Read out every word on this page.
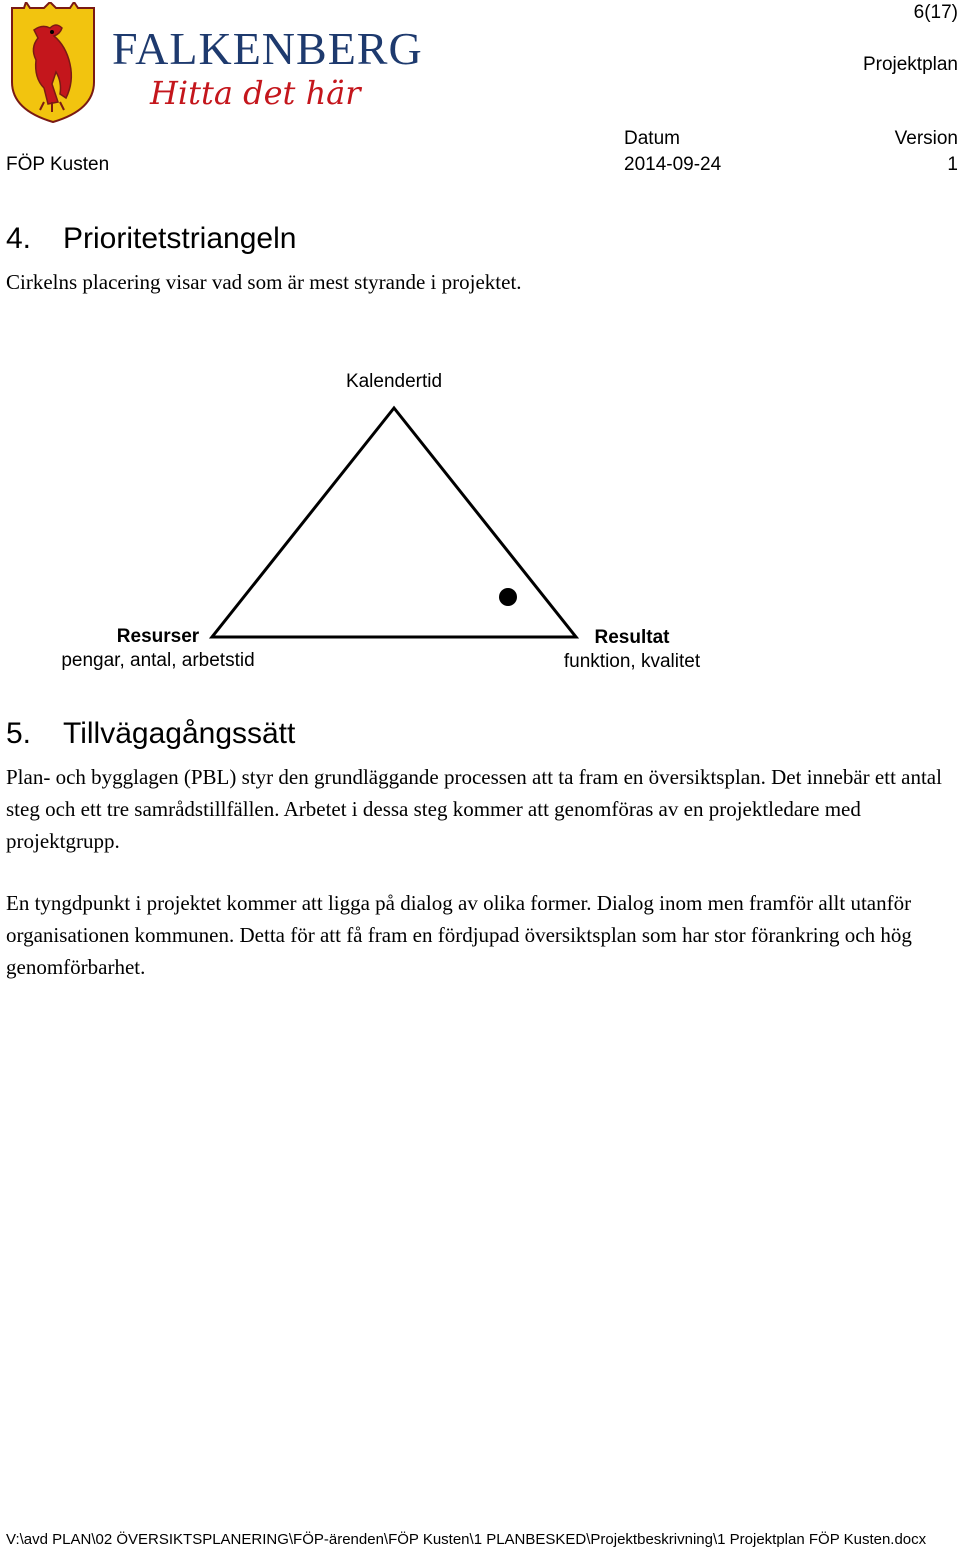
FALKENBERG
Hitta det här
6(17)
Projektplan
Datum	Version
FÖP Kusten	2014-09-24	1
4. Prioritetstriangeln
Cirkelns placering visar vad som är mest styrande i projektet.
Kalendertid
Resurser
pengar, antal, arbetstid
Resultat
funktion, kvalitet
5. Tillvägagångssätt
Plan- och bygglagen (PBL) styr den grundläggande processen att ta fram en översiktsplan. Det innebär ett antal steg och ett tre samrådstillfällen. Arbetet i dessa steg kommer att genomföras av en projektledare med projektgrupp.
En tyngdpunkt i projektet kommer att ligga på dialog av olika former. Dialog inom men framför allt utanför organisationen kommunen. Detta för att få fram en fördjupad översiktsplan som har stor förankring och hög genomförbarhet.
V:\avd PLAN\02 ÖVERSIKTSPLANERING\FÖP-ärenden\FÖP Kusten\1 PLANBESKED\Projektbeskrivning\1 Projektplan FÖP Kusten.docx
